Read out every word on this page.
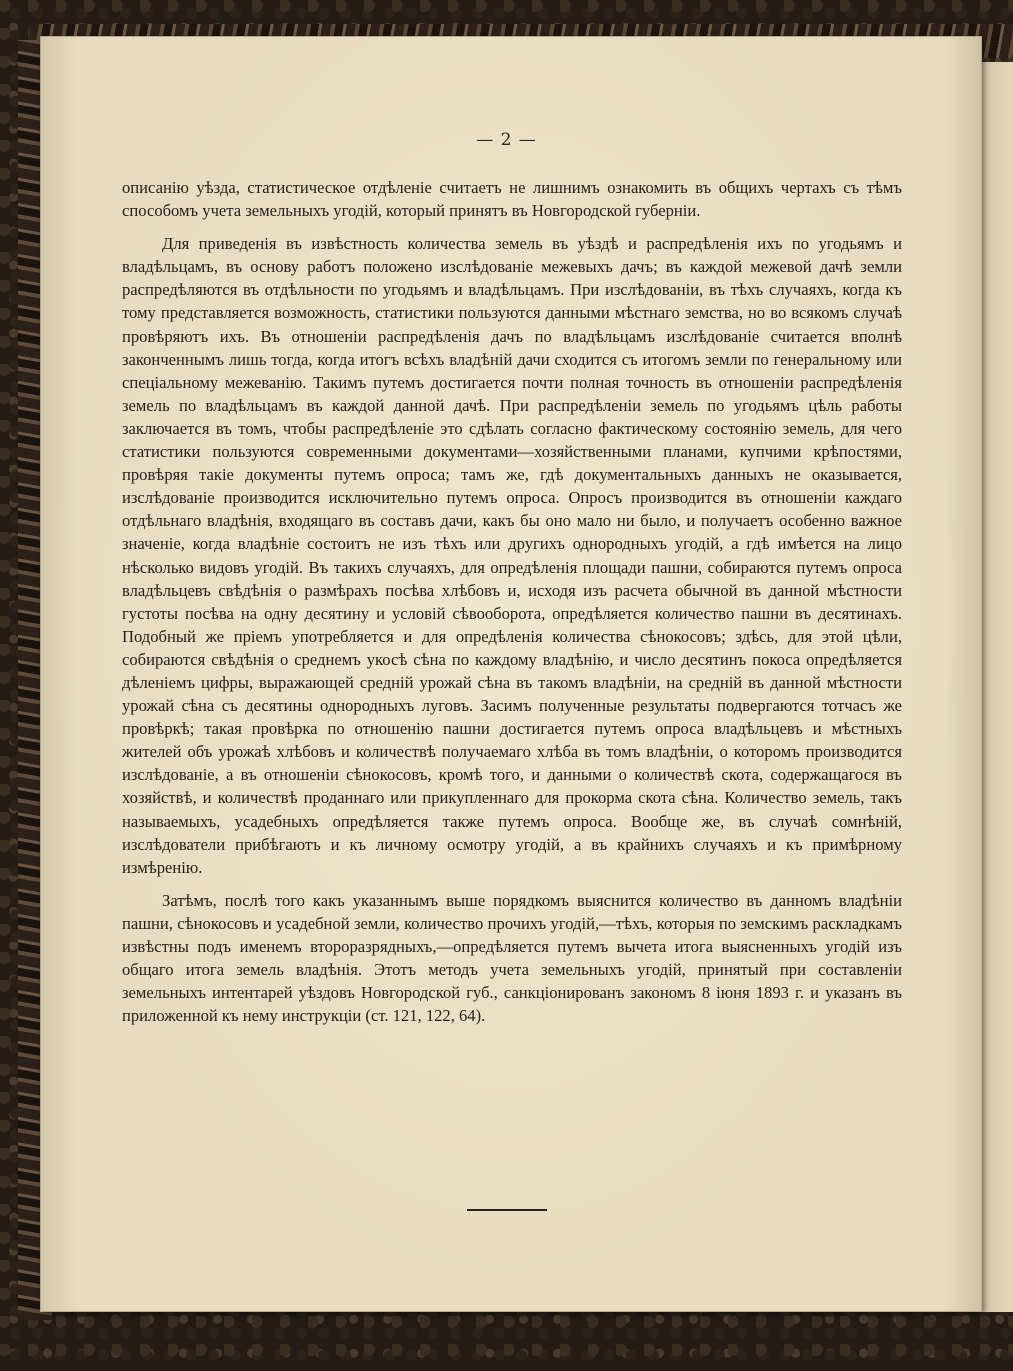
— 2 —

описанію уѣзда, статистическое отдѣленіе считаетъ не лишнимъ ознакомить въ общихъ чертахъ съ тѣмъ способомъ учета земельныхъ угодій, который принятъ въ Новгородской губерніи.

Для приведенія въ извѣстность количества земель въ уѣздѣ и распредѣленія ихъ по угодьямъ и владѣльцамъ, въ основу работъ положено изслѣдованіе межевыхъ дачъ; въ каждой межевой дачѣ земли распредѣляются въ отдѣльности по угодьямъ и владѣльцамъ. При изслѣдованіи, въ тѣхъ случаяхъ, когда къ тому представляется возможность, статистики пользуются данными мѣстнаго земства, но во всякомъ случаѣ провѣряютъ ихъ. Въ отношеніи распредѣленія дачъ по владѣльцамъ изслѣдованіе считается вполнѣ законченнымъ лишь тогда, когда итогъ всѣхъ владѣній дачи сходится съ итогомъ земли по генеральному или спеціальному межеванію. Такимъ путемъ достигается почти полная точность въ отношеніи распредѣленія земель по владѣльцамъ въ каждой данной дачѣ. При распредѣленіи земель по угодьямъ цѣль работы заключается въ томъ, чтобы распредѣленіе это сдѣлать согласно фактическому состоянію земель, для чего статистики пользуются современными документами—хозяйственными планами, купчими крѣпостями, провѣряя такіе документы путемъ опроса; тамъ же, гдѣ документальныхъ данныхъ не оказывается, изслѣдованіе производится исключительно путемъ опроса. Опросъ производится въ отношеніи каждаго отдѣльнаго владѣнія, входящаго въ составъ дачи, какъ бы оно мало ни было, и получаетъ особенно важное значеніе, когда владѣніе состоитъ не изъ тѣхъ или другихъ однородныхъ угодій, а гдѣ имѣется на лицо нѣсколько видовъ угодій. Въ такихъ случаяхъ, для опредѣленія площади пашни, собираются путемъ опроса владѣльцевъ свѣдѣнія о размѣрахъ посѣва хлѣбовъ и, исходя изъ расчета обычной въ данной мѣстности густоты посѣва на одну десятину и условій сѣвооборота, опредѣляется количество пашни въ десятинахъ. Подобный же пріемъ употребляется и для опредѣленія количества сѣнокосовъ; здѣсь, для этой цѣли, собираются свѣдѣнія о среднемъ укосѣ сѣна по каждому владѣнію, и число десятинъ покоса опредѣляется дѣленіемъ цифры, выражающей средній урожай сѣна въ такомъ владѣніи, на средній въ данной мѣстности урожай сѣна съ десятины однородныхъ луговъ. Засимъ полученные результаты подвергаются тотчасъ же провѣркѣ; такая провѣрка по отношенію пашни достигается путемъ опроса владѣльцевъ и мѣстныхъ жителей объ урожаѣ хлѣбовъ и количествѣ получаемаго хлѣба въ томъ владѣніи, о которомъ производится изслѣдованіе, а въ отношеніи сѣнокосовъ, кромѣ того, и данными о количествѣ скота, содержащагося въ хозяйствѣ, и количествѣ проданнаго или прикупленнаго для прокорма скота сѣна. Количество земель, такъ называемыхъ, усадебныхъ опредѣляется также путемъ опроса. Вообще же, въ случаѣ сомнѣній, изслѣдователи прибѣгаютъ и къ личному осмотру угодій, а въ крайнихъ случаяхъ и къ примѣрному измѣренію.

Затѣмъ, послѣ того какъ указаннымъ выше порядкомъ выяснится количество въ данномъ владѣніи пашни, сѣнокосовъ и усадебной земли, количество прочихъ угодій,—тѣхъ, которыя по земскимъ раскладкамъ извѣстны подъ именемъ второразрядныхъ,—опредѣляется путемъ вычета итога выясненныхъ угодій изъ общаго итога земель владѣнія. Этотъ методъ учета земельныхъ угодій, принятый при составленіи земельныхъ интентарей уѣздовъ Новгородской губ., санкціонированъ закономъ 8 іюня 1893 г. и указанъ въ приложенной къ нему инструкціи (ст. 121, 122, 64).
